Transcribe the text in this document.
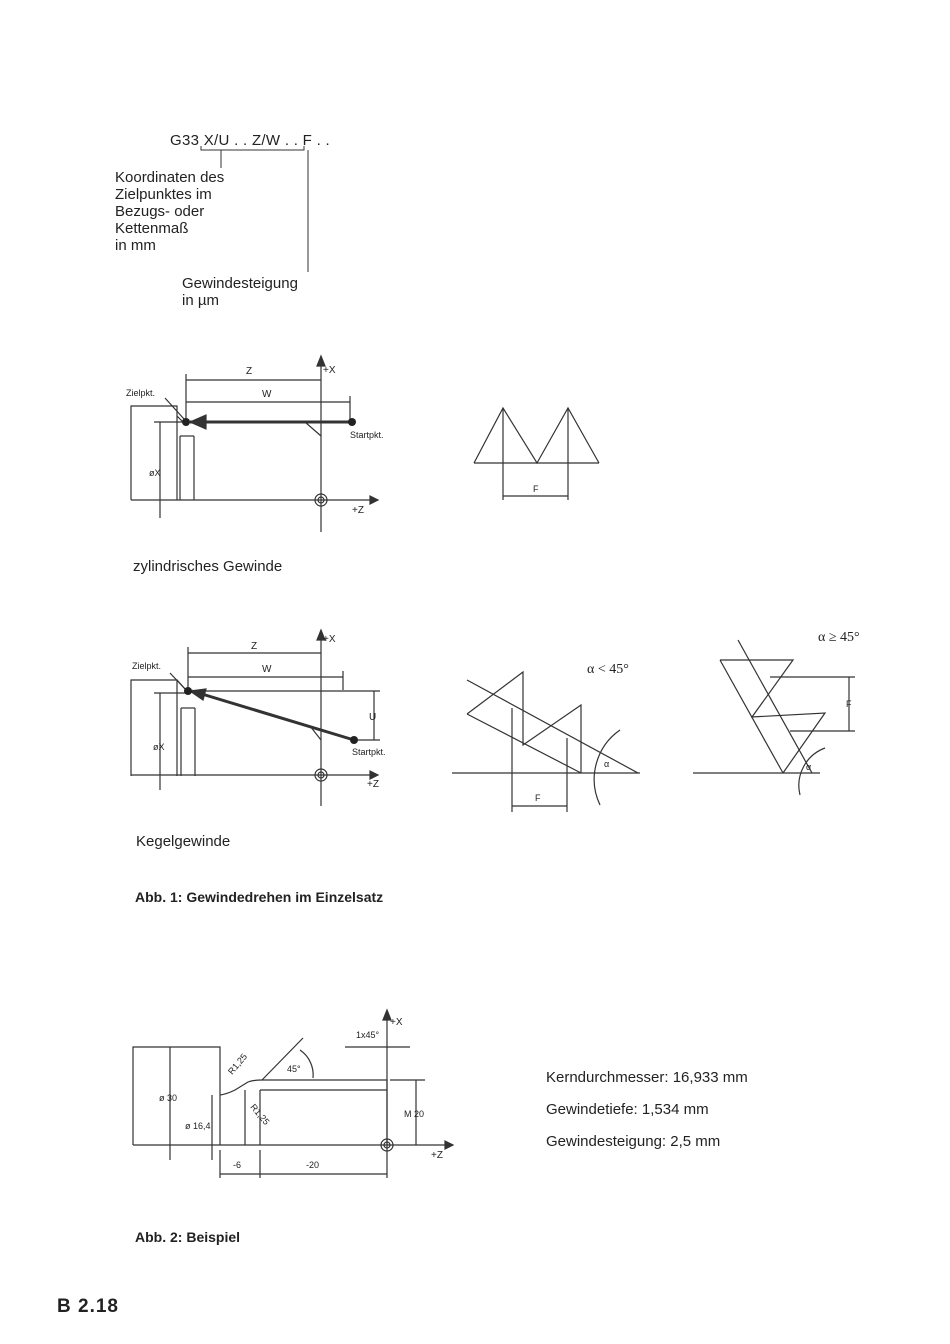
G33 X/U . . Z/W . . F . .
Koordinaten des
Zielpunktes im
Bezugs- oder
Kettenmaß
in mm
Gewindesteigung
in µm
Z
W
+X
+Z
Zielpkt.
Startpkt.
øX
F
zylindrisches Gewinde
Z
W
U
+X
+Z
Zielpkt.
Startpkt.
øX
α < 45°
α ≥ 45°
α	α
F
F
Kegelgewinde
Abb. 1: Gewindedrehen im Einzelsatz
1x45°
+X
+Z
R1,25
R1,25
45°
ø 30
ø 16,4
M 20
-6	-20
Kerndurchmesser: 16,933 mm
Gewindetiefe: 1,534 mm
Gewindesteigung: 2,5 mm
Abb. 2: Beispiel
B 2.18
